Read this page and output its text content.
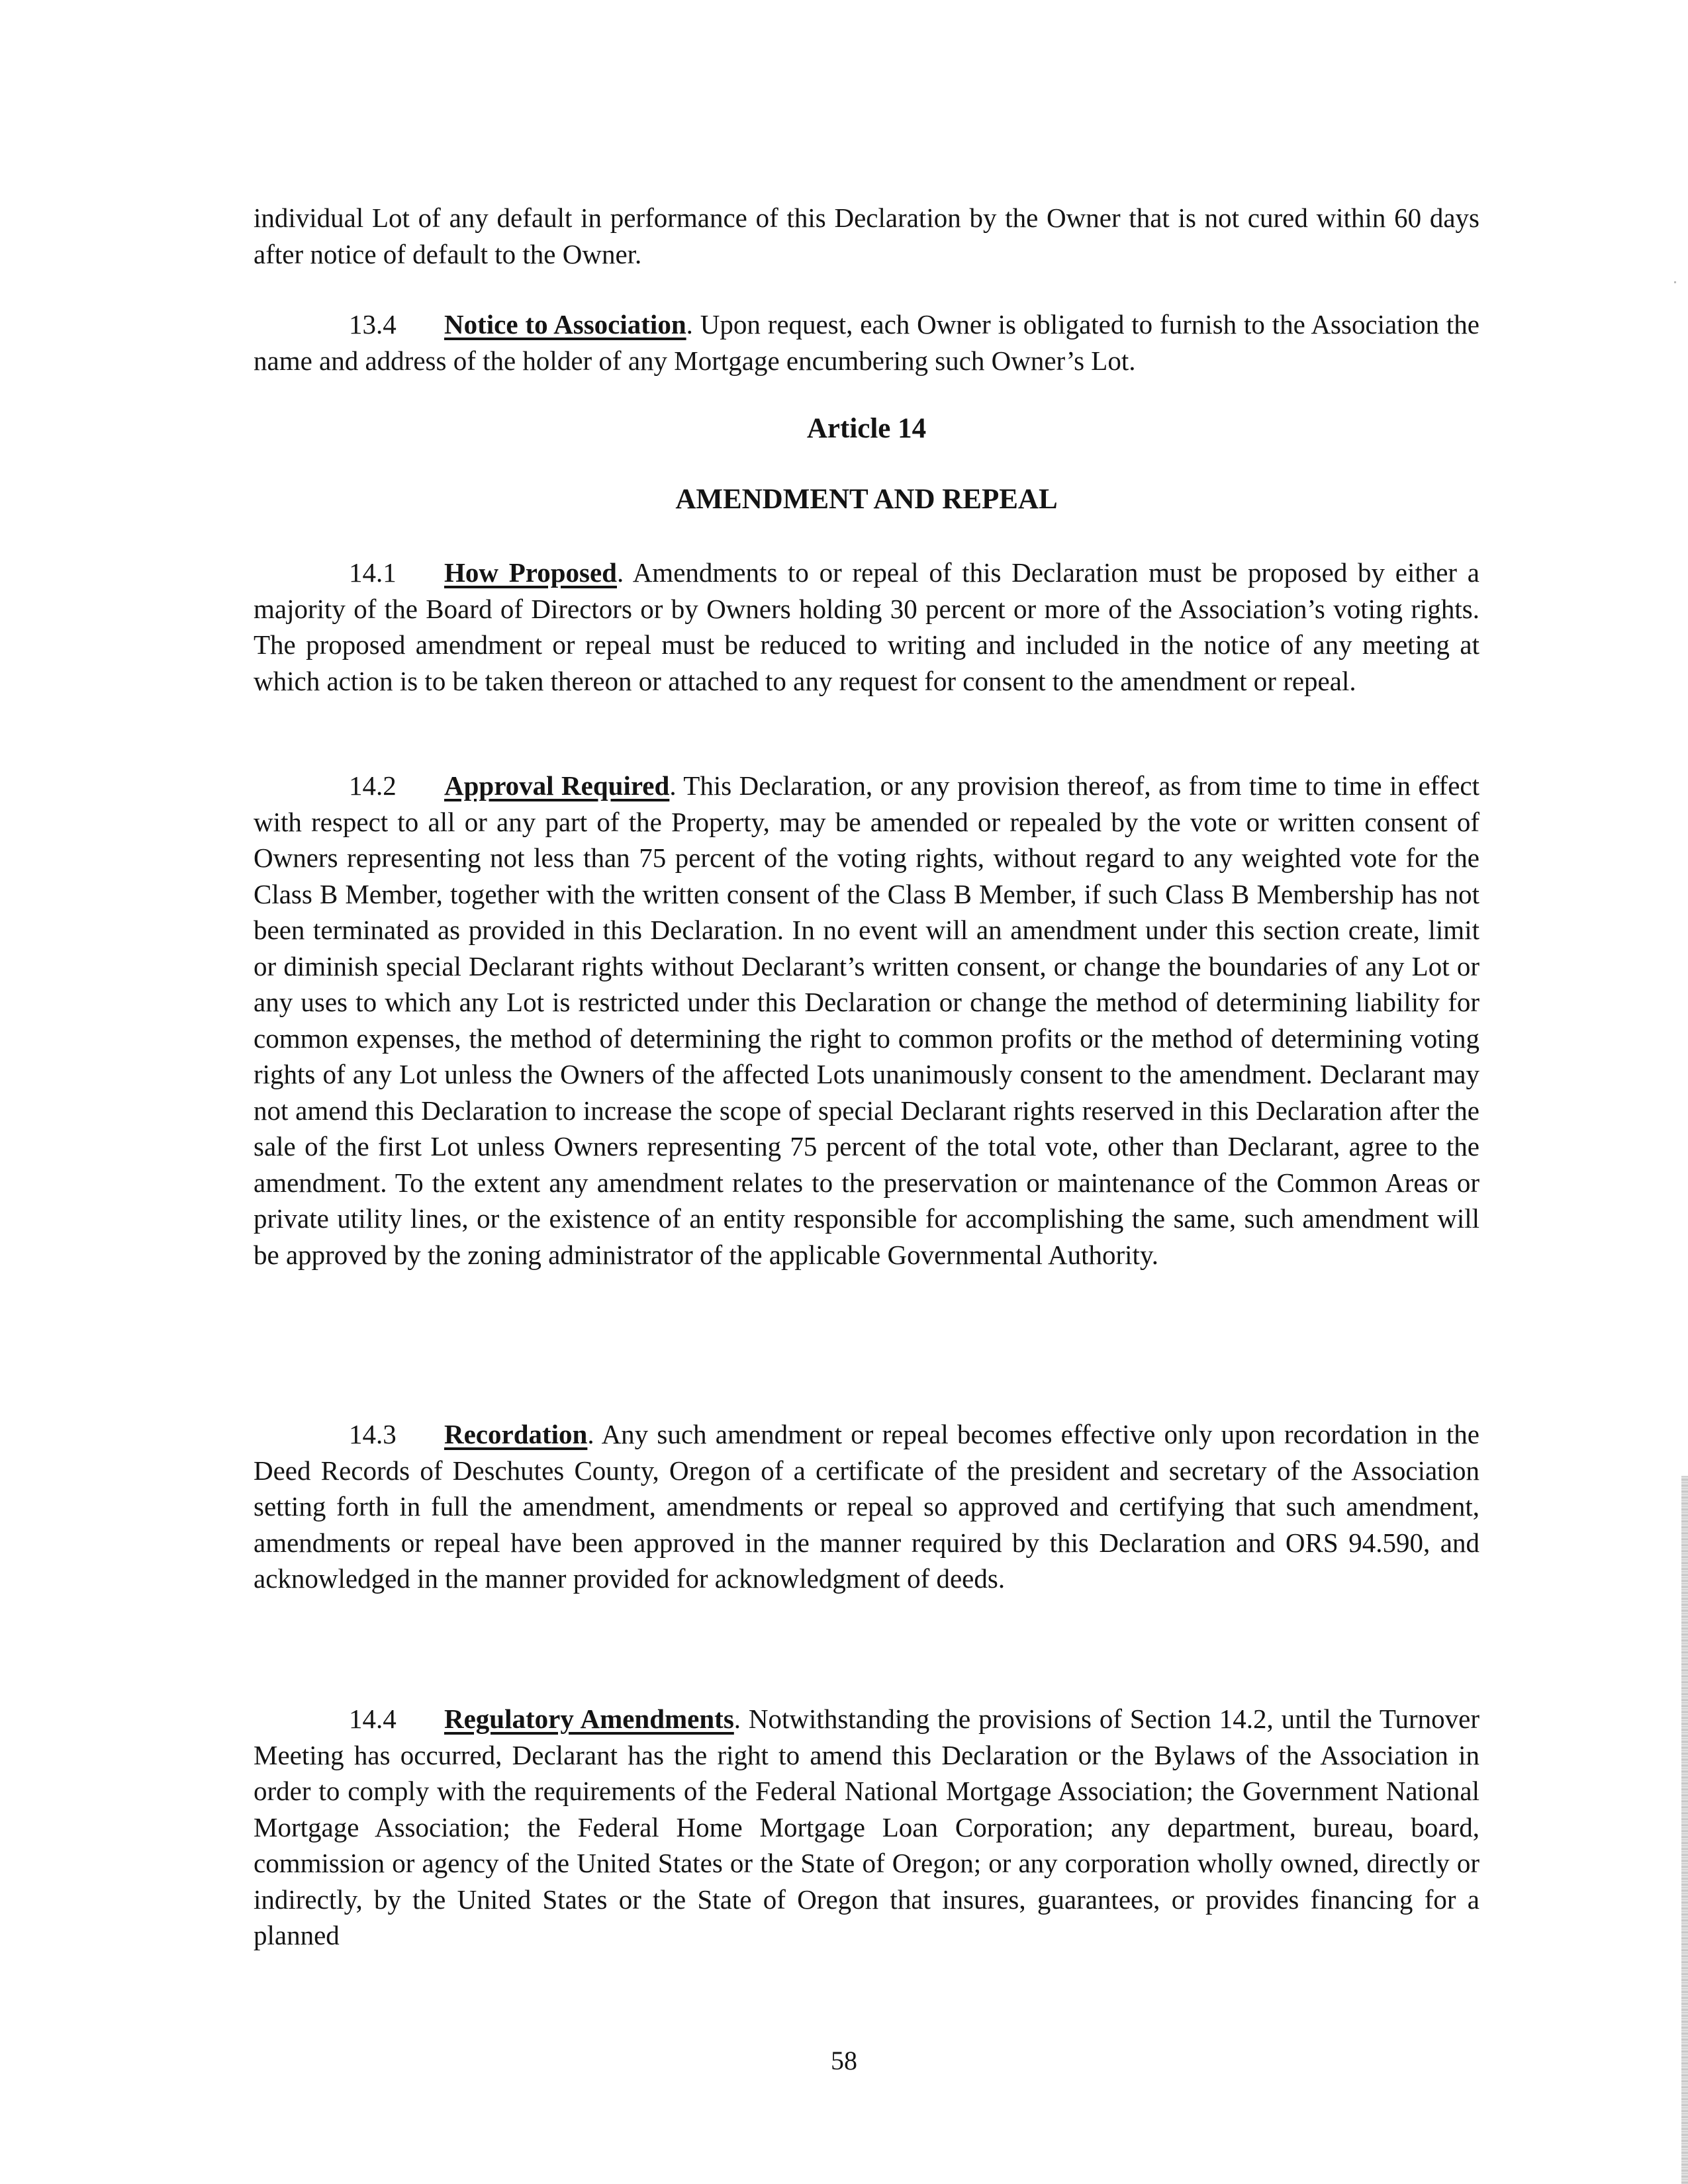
individual Lot of any default in performance of this Declaration by the Owner that is not cured within 60 days after notice of default to the Owner.

13.4 Notice to Association. Upon request, each Owner is obligated to furnish to the Association the name and address of the holder of any Mortgage encumbering such Owner’s Lot.

Article 14

AMENDMENT AND REPEAL

14.1 How Proposed. Amendments to or repeal of this Declaration must be proposed by either a majority of the Board of Directors or by Owners holding 30 percent or more of the Association’s voting rights. The proposed amendment or repeal must be reduced to writing and included in the notice of any meeting at which action is to be taken thereon or attached to any request for consent to the amendment or repeal.

14.2 Approval Required. This Declaration, or any provision thereof, as from time to time in effect with respect to all or any part of the Property, may be amended or repealed by the vote or written consent of Owners representing not less than 75 percent of the voting rights, without regard to any weighted vote for the Class B Member, together with the written consent of the Class B Member, if such Class B Membership has not been terminated as provided in this Declaration. In no event will an amendment under this section create, limit or diminish special Declarant rights without Declarant’s written consent, or change the boundaries of any Lot or any uses to which any Lot is restricted under this Declaration or change the method of determining liability for common expenses, the method of determining the right to common profits or the method of determining voting rights of any Lot unless the Owners of the affected Lots unanimously consent to the amendment. Declarant may not amend this Declaration to increase the scope of special Declarant rights reserved in this Declaration after the sale of the first Lot unless Owners representing 75 percent of the total vote, other than Declarant, agree to the amendment. To the extent any amendment relates to the preservation or maintenance of the Common Areas or private utility lines, or the existence of an entity responsible for accomplishing the same, such amendment will be approved by the zoning administrator of the applicable Governmental Authority.

14.3 Recordation. Any such amendment or repeal becomes effective only upon recordation in the Deed Records of Deschutes County, Oregon of a certificate of the president and secretary of the Association setting forth in full the amendment, amendments or repeal so approved and certifying that such amendment, amendments or repeal have been approved in the manner required by this Declaration and ORS 94.590, and acknowledged in the manner provided for acknowledgment of deeds.

14.4 Regulatory Amendments. Notwithstanding the provisions of Section 14.2, until the Turnover Meeting has occurred, Declarant has the right to amend this Declaration or the Bylaws of the Association in order to comply with the requirements of the Federal National Mortgage Association; the Government National Mortgage Association; the Federal Home Mortgage Loan Corporation; any department, bureau, board, commission or agency of the United States or the State of Oregon; or any corporation wholly owned, directly or indirectly, by the United States or the State of Oregon that insures, guarantees, or provides financing for a planned

58
